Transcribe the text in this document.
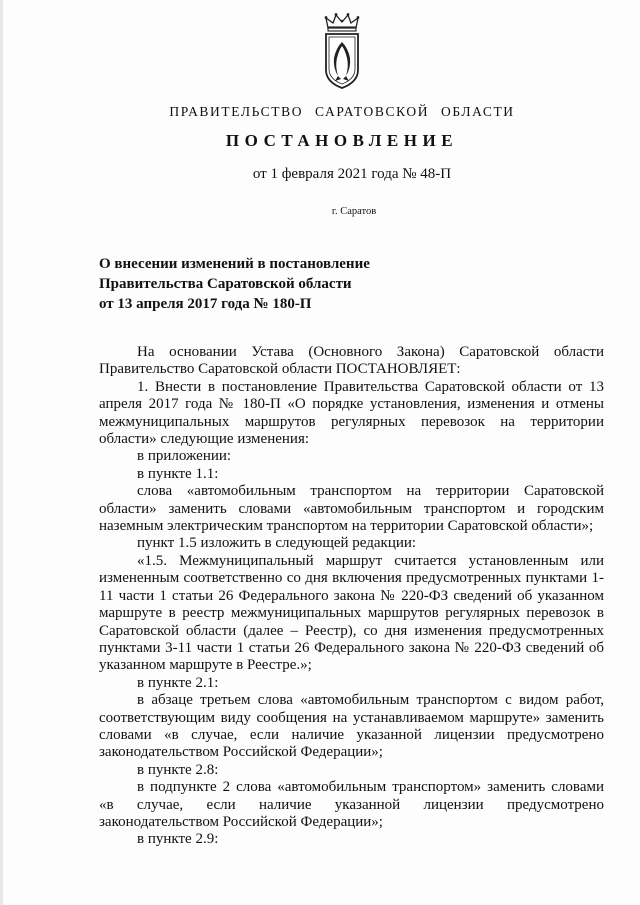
ПРАВИТЕЛЬСТВО САРАТОВСКОЙ ОБЛАСТИ
ПОСТАНОВЛЕНИЕ
от 1 февраля 2021 года № 48-П
г. Саратов
О внесении изменений в постановление
Правительства Саратовской области
от 13 апреля 2017 года № 180-П

На основании Устава (Основного Закона) Саратовской области Правительство Саратовской области ПОСТАНОВЛЯЕТ:

1. Внести в постановление Правительства Саратовской области от 13 апреля 2017 года № 180-П «О порядке установления, изменения и отмены межмуниципальных маршрутов регулярных перевозок на территории области» следующие изменения:

в приложении:

в пункте 1.1:

слова «автомобильным транспортом на территории Саратовской области» заменить словами «автомобильным транспортом и городским наземным электрическим транспортом на территории Саратовской области»;

пункт 1.5 изложить в следующей редакции:

«1.5. Межмуниципальный маршрут считается установленным или измененным соответственно со дня включения предусмотренных пунктами 1-11 части 1 статьи 26 Федерального закона № 220-ФЗ сведений об указанном маршруте в реестр межмуниципальных маршрутов регулярных перевозок в Саратовской области (далее – Реестр), со дня изменения предусмотренных пунктами 3-11 части 1 статьи 26 Федерального закона № 220-ФЗ сведений об указанном маршруте в Реестре.»;

в пункте 2.1:

в абзаце третьем слова «автомобильным транспортом с видом работ, соответствующим виду сообщения на устанавливаемом маршруте» заменить словами «в случае, если наличие указанной лицензии предусмотрено законодательством Российской Федерации»;

в пункте 2.8:

в подпункте 2 слова «автомобильным транспортом» заменить словами «в случае, если наличие указанной лицензии предусмотрено законодательством Российской Федерации»;

в пункте 2.9:
